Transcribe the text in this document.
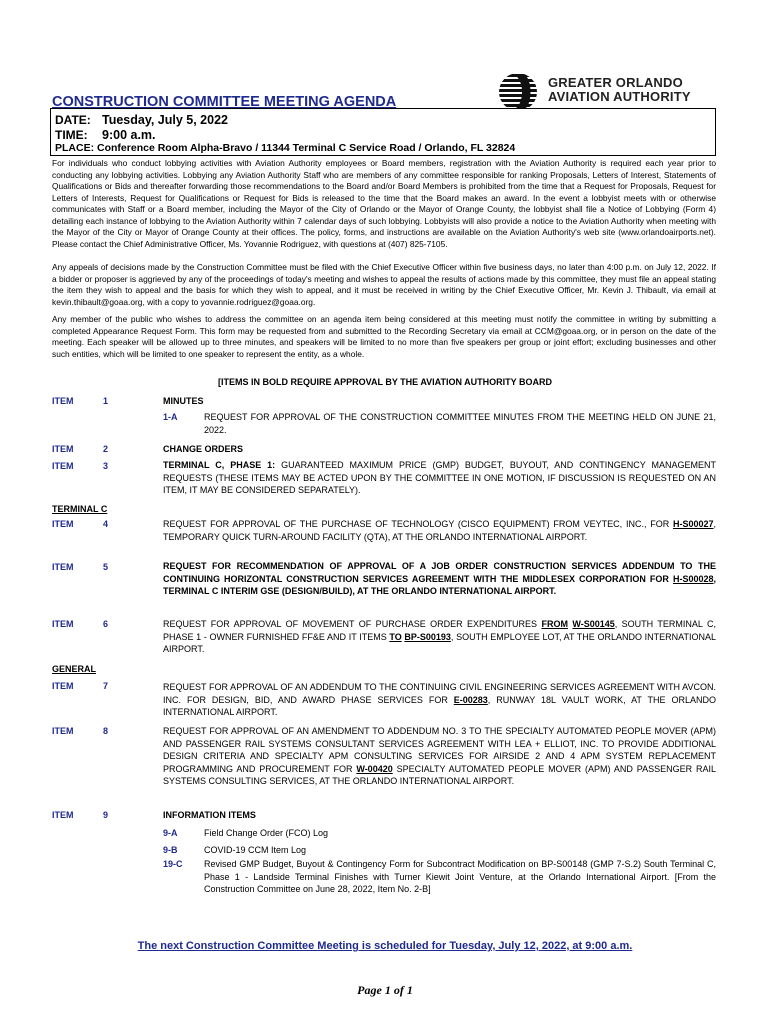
GREATER ORLANDO
AVIATION AUTHORITY
CONSTRUCTION COMMITTEE MEETING AGENDA
DATE: Tuesday, July 5, 2022
TIME: 9:00 a.m.
PLACE: Conference Room Alpha-Bravo / 11344 Terminal C Service Road / Orlando, FL 32824

For individuals who conduct lobbying activities with Aviation Authority employees or Board members, registration with the Aviation Authority is required each year prior to conducting any lobbying activities. Lobbying any Aviation Authority Staff who are members of any committee responsible for ranking Proposals, Letters of Interest, Statements of Qualifications or Bids and thereafter forwarding those recommendations to the Board and/or Board Members is prohibited from the time that a Request for Proposals, Request for Letters of Interests, Request for Qualifications or Request for Bids is released to the time that the Board makes an award. In the event a lobbyist meets with or otherwise communicates with Staff or a Board member, including the Mayor of the City of Orlando or the Mayor of Orange County, the lobbyist shall file a Notice of Lobbying (Form 4) detailing each instance of lobbying to the Aviation Authority within 7 calendar days of such lobbying. Lobbyists will also provide a notice to the Aviation Authority when meeting with the Mayor of the City or Mayor of Orange County at their offices. The policy, forms, and instructions are available on the Aviation Authority's web site (www.orlandoairports.net). Please contact the Chief Administrative Officer, Ms. Yovannie Rodriguez, with questions at (407) 825-7105.

Any appeals of decisions made by the Construction Committee must be filed with the Chief Executive Officer within five business days, no later than 4:00 p.m. on July 12, 2022. If a bidder or proposer is aggrieved by any of the proceedings of today's meeting and wishes to appeal the results of actions made by this committee, they must file an appeal stating the item they wish to appeal and the basis for which they wish to appeal, and it must be received in writing by the Chief Executive Officer, Mr. Kevin J. Thibault, via email at kevin.thibault@goaa.org, with a copy to yovannie.rodriguez@goaa.org.

Any member of the public who wishes to address the committee on an agenda item being considered at this meeting must notify the committee in writing by submitting a completed Appearance Request Form. This form may be requested from and submitted to the Recording Secretary via email at CCM@goaa.org, or in person on the date of the meeting. Each speaker will be allowed up to three minutes, and speakers will be limited to no more than five speakers per group or joint effort; excluding businesses and other such entities, which will be limited to one speaker to represent the entity, as a whole.

[ITEMS IN BOLD REQUIRE APPROVAL BY THE AVIATION AUTHORITY BOARD
ITEM	1	MINUTES
1-A	REQUEST FOR APPROVAL OF THE CONSTRUCTION COMMITTEE MINUTES FROM THE MEETING HELD ON JUNE 21, 2022.
ITEM	2	CHANGE ORDERS
ITEM	3	TERMINAL C, PHASE 1: GUARANTEED MAXIMUM PRICE (GMP) BUDGET, BUYOUT, AND CONTINGENCY MANAGEMENT REQUESTS (THESE ITEMS MAY BE ACTED UPON BY THE COMMITTEE IN ONE MOTION, IF DISCUSSION IS REQUESTED ON AN ITEM, IT MAY BE CONSIDERED SEPARATELY).
TERMINAL C
ITEM	4	REQUEST FOR APPROVAL OF THE PURCHASE OF TECHNOLOGY (CISCO EQUIPMENT) FROM VEYTEC, INC., FOR H-S00027, TEMPORARY QUICK TURN-AROUND FACILITY (QTA), AT THE ORLANDO INTERNATIONAL AIRPORT.
ITEM	5	REQUEST FOR RECOMMENDATION OF APPROVAL OF A JOB ORDER CONSTRUCTION SERVICES ADDENDUM TO THE CONTINUING HORIZONTAL CONSTRUCTION SERVICES AGREEMENT WITH THE MIDDLESEX CORPORATION FOR H-S00028, TERMINAL C INTERIM GSE (DESIGN/BUILD), AT THE ORLANDO INTERNATIONAL AIRPORT.
ITEM	6	REQUEST FOR APPROVAL OF MOVEMENT OF PURCHASE ORDER EXPENDITURES FROM W-S00145, SOUTH TERMINAL C, PHASE 1 - OWNER FURNISHED FF&E AND IT ITEMS TO BP-S00193, SOUTH EMPLOYEE LOT, AT THE ORLANDO INTERNATIONAL AIRPORT.
GENERAL
ITEM	7	REQUEST FOR APPROVAL OF AN ADDENDUM TO THE CONTINUING CIVIL ENGINEERING SERVICES AGREEMENT WITH AVCON. INC. FOR DESIGN, BID, AND AWARD PHASE SERVICES FOR E-00283, RUNWAY 18L VAULT WORK, AT THE ORLANDO INTERNATIONAL AIRPORT.
ITEM	8	REQUEST FOR APPROVAL OF AN AMENDMENT TO ADDENDUM NO. 3 TO THE SPECIALTY AUTOMATED PEOPLE MOVER (APM) AND PASSENGER RAIL SYSTEMS CONSULTANT SERVICES AGREEMENT WITH LEA + ELLIOT, INC. TO PROVIDE ADDITIONAL DESIGN CRITERIA AND SPECIALTY APM CONSULTING SERVICES FOR AIRSIDE 2 AND 4 APM SYSTEM REPLACEMENT PROGRAMMING AND PROCUREMENT FOR W-00420 SPECIALTY AUTOMATED PEOPLE MOVER (APM) AND PASSENGER RAIL SYSTEMS CONSULTING SERVICES, AT THE ORLANDO INTERNATIONAL AIRPORT.
ITEM	9	INFORMATION ITEMS
9-A	Field Change Order (FCO) Log
9-B	COVID-19 CCM Item Log
19-C Revised GMP Budget, Buyout & Contingency Form for Subcontract Modification on BP-S00148 (GMP 7-S.2) South Terminal C, Phase 1 - Landside Terminal Finishes with Turner Kiewit Joint Venture, at the Orlando International Airport. [From the Construction Committee on June 28, 2022, Item No. 2-B]
The next Construction Committee Meeting is scheduled for Tuesday, July 12, 2022, at 9:00 a.m.
Page 1 of 1
